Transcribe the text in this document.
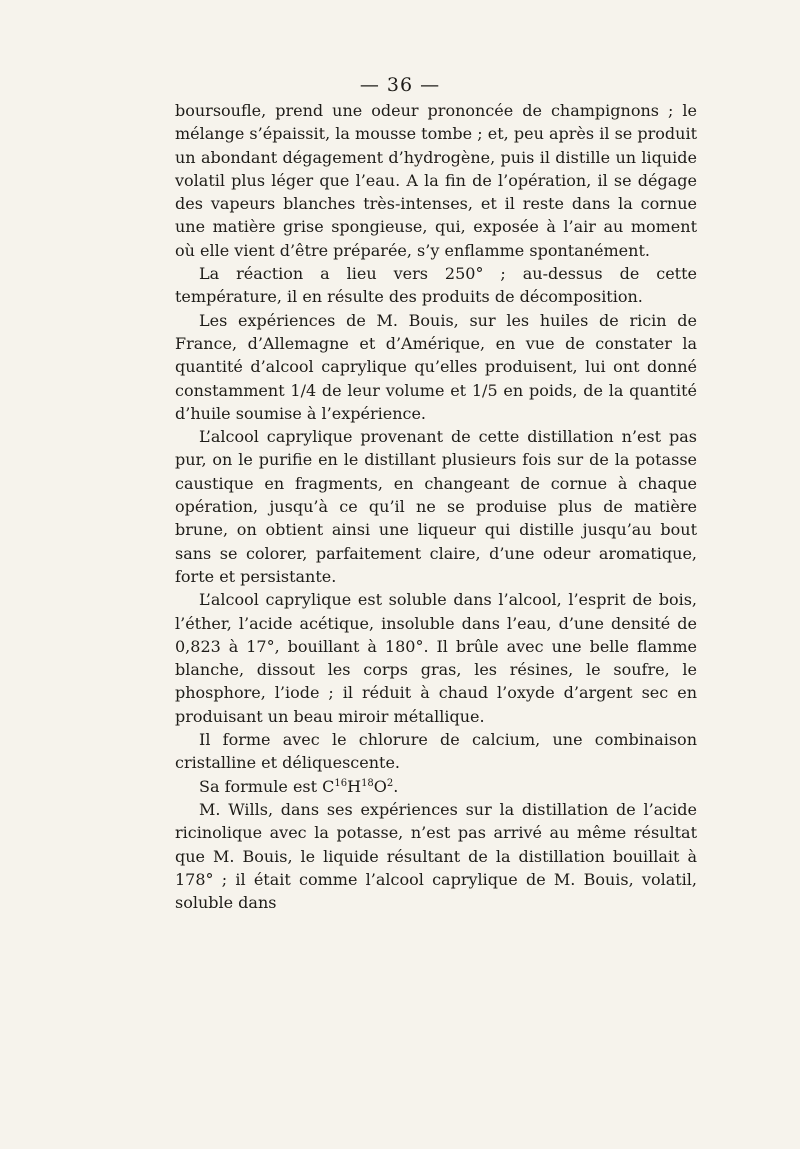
— 36 —

boursoufle, prend une odeur prononcée de champignons ; le mélange s’épaissit, la mousse tombe ; et, peu après il se produit un abondant dégagement d’hydrogène, puis il distille un liquide volatil plus léger que l’eau. A la fin de l’opération, il se dégage des vapeurs blanches très-intenses, et il reste dans la cornue une matière grise spongieuse, qui, exposée à l’air au moment où elle vient d’être préparée, s’y enflamme spontanément.

La réaction a lieu vers 250° ; au-dessus de cette température, il en résulte des produits de décomposition.

Les expériences de M. Bouis, sur les huiles de ricin de France, d’Allemagne et d’Amérique, en vue de constater la quantité d’alcool caprylique qu’elles produisent, lui ont donné constamment 1/4 de leur volume et 1/5 en poids, de la quantité d’huile soumise à l’expérience.

L’alcool caprylique provenant de cette distillation n’est pas pur, on le purifie en le distillant plusieurs fois sur de la potasse caustique en fragments, en changeant de cornue à chaque opération, jusqu’à ce qu’il ne se produise plus de matière brune, on obtient ainsi une liqueur qui distille jusqu’au bout sans se colorer, parfaitement claire, d’une odeur aromatique, forte et persistante.

L’alcool caprylique est soluble dans l’alcool, l’esprit de bois, l’éther, l’acide acétique, insoluble dans l’eau, d’une densité de 0,823 à 17°, bouillant à 180°. Il brûle avec une belle flamme blanche, dissout les corps gras, les résines, le soufre, le phosphore, l’iode ; il réduit à chaud l’oxyde d’argent sec en produisant un beau miroir métallique.

Il forme avec le chlorure de calcium, une combinaison cristalline et déliquescente.

Sa formule est $C^{16}H^{18}O^2$.

M. Wills, dans ses expériences sur la distillation de l’acide ricinolique avec la potasse, n’est pas arrivé au même résultat que M. Bouis, le liquide résultant de la distillation bouillait à 178° ; il était comme l’alcool caprylique de M. Bouis, volatil, soluble dans
